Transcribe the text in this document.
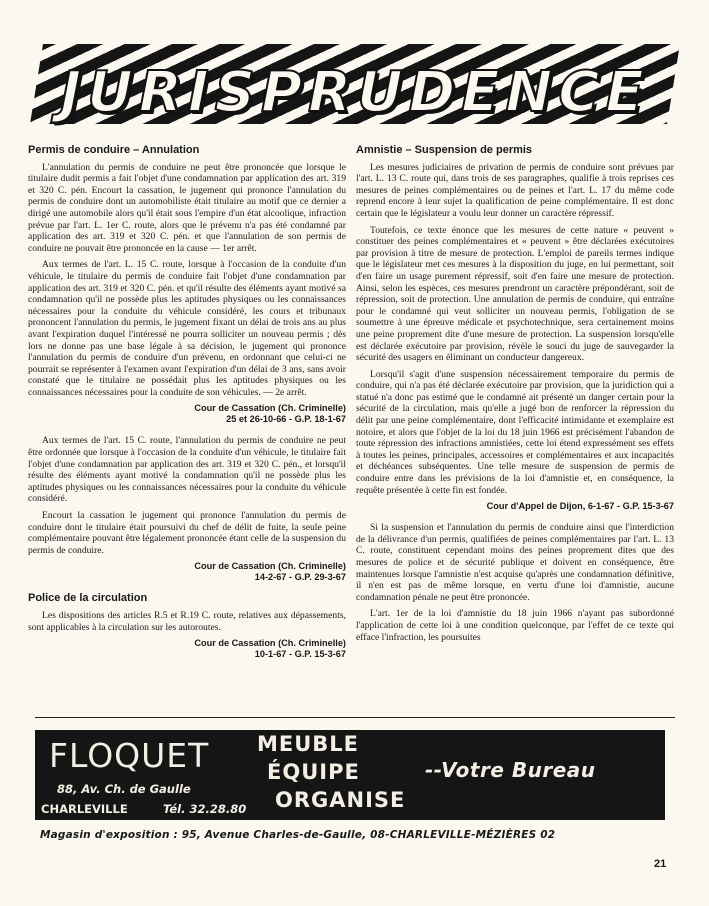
JURISPRUDENCE
Permis de conduire – Annulation

L'annulation du permis de conduire ne peut être prononcée que lorsque le titulaire dudit permis a fait l'objet d'une condamnation par application des art. 319 et 320 C. pén. Encourt la cassation, le jugement qui prononce l'annulation du permis de conduire dont un automobiliste était titulaire au motif que ce dernier a dirigé une automobile alors qu'il était sous l'empire d'un état alcoolique, infraction prévue par l'art. L. 1er C. route, alors que le prévenu n'a pas été condamné par application des art. 319 et 320 C. pén. et que l'annulation de son permis de conduire ne pouvait être prononcée en la cause — 1er arrêt.

Aux termes de l'art. L. 15 C. route, lorsque à l'occasion de la conduite d'un véhicule, le titulaire du permis de conduire fait l'objet d'une condamnation par application des art. 319 et 320 C. pén. et qu'il résulte des éléments ayant motivé sa condamnation qu'il ne possède plus les aptitudes physiques ou les connaissances nécessaires pour la conduite du véhicule considéré, les cours et tribunaux prononcent l'annulation du permis, le jugement fixant un délai de trois ans au plus avant l'expiration duquel l'intéressé ne pourra solliciter un nouveau permis ; dès lors ne donne pas une base légale à sa décision, le jugement qui prononce l'annulation du permis de conduire d'un prévenu, en ordonnant que celui-ci ne pourrait se représenter à l'examen avant l'expiration d'un délai de 3 ans, sans avoir constaté que le titulaire ne possédait plus les aptitudes physiques ou les connaissances nécessaires pour la conduite de son véhicules. — 2e arrêt.

Cour de Cassation (Ch. Criminelle)
25 et 26-10-66 - G.P. 18-1-67

Aux termes de l'art. 15 C. route, l'annulation du permis de conduire ne peut être ordonnée que lorsque à l'occasion de la conduite d'un véhicule, le titulaire fait l'objet d'une condamnation par application des art. 319 et 320 C. pén., et lorsqu'il résulte des éléments ayant motivé la condamnation qu'il ne possède plus les aptitudes physiques ou les connaissances nécessaires pour la conduite du véhicule considéré.

Encourt la cassation le jugement qui prononce l'annulation du permis de conduire dont le titulaire était poursuivi du chef de délit de fuite, la seule peine complémentaire pouvant être légalement prononcée étant celle de la suspension du permis de conduire.

Cour de Cassation (Ch. Criminelle)
14-2-67 - G.P. 29-3-67
Police de la circulation

Les dispositions des articles R.5 et R.19 C. route, relatives aux dépassements, sont applicables à la circulation sur les autoroutes.

Cour de Cassation (Ch. Criminelle)
10-1-67 - G.P. 15-3-67
Amnistie – Suspension de permis

Les mesures judiciaires de privation de permis de conduire sont prévues par l'art. L. 13 C. route qui, dans trois de ses paragraphes, qualifie à trois reprises ces mesures de peines complémentaires ou de peines et l'art. L. 17 du même code reprend encore à leur sujet la qualification de peine complémentaire. Il est donc certain que le législateur a voulu leur donner un caractère répressif.

Toutefois, ce texte énonce que les mesures de cette nature « peuvent » constituer des peines complémentaires et « peuvent » être déclarées exécutoires par provision à titre de mesure de protection. L'emploi de pareils termes indique que le législateur met ces mesures à la disposition du juge, en lui permettant, soit d'en faire un usage purement répressif, soit d'en faire une mesure de protection. Ainsi, selon les espèces, ces mesures prendront un caractère prépondérant, soit de répression, soit de protection. Une annulation de permis de conduire, qui entraîne pour le condamné qui veut solliciter un nouveau permis, l'obligation de se soumettre à une épreuve médicale et psychotechnique, sera certainement moins une peine proprement dite d'une mesure de protection. La suspension lorsqu'elle est déclarée exécutoire par provision, révèle le souci du juge de sauvegarder la sécurité des usagers en éliminant un conducteur dangereux.

Lorsqu'il s'agit d'une suspension nécessairement temporaire du permis de conduire, qui n'a pas été déclarée exécutoire par provision, que la juridiction qui a statué n'a donc pas estimé que le condamné ait présenté un danger certain pour la sécurité de la circulation, mais qu'elle a jugé bon de renforcer la répression du délit par une peine complémentaire, dont l'efficacité intimidante et exemplaire est notoire, et alors que l'objet de la loi du 18 juin 1966 est précisément l'abandon de toute répression des infractions amnistiées, cette loi étend expressément ses effets à toutes les peines, principales, accessoires et complémentaires et aux incapacités et déchéances subséquentes. Une telle mesure de suspension de permis de conduire entre dans les prévisions de la loi d'amnistie et, en conséquence, la requête présentée à cette fin est fondée.

Cour d'Appel de Dijon, 6-1-67 - G.P. 15-3-67

Si la suspension et l'annulation du permis de conduire ainsi que l'interdiction de la délivrance d'un permis, qualifiées de peines complémentaires par l'art. L. 13 C. route, constituent cependant moins des peines proprement dites que des mesures de police et de sécurité publique et doivent en conséquence, être maintenues lorsque l'amnistie n'est acquise qu'après une condamnation définitive, il n'en est pas de même lorsque, en vertu d'une loi d'amnistie, aucune condamnation pénale ne peut être prononcée.

L'art. 1er de la loi d'amnistie du 18 juin 1966 n'ayant pas subordonné l'application de cette loi à une condition quelconque, par l'effet de ce texte qui efface l'infraction, les poursuites

FLOQUET
88, Av. Ch. de Gaulle
CHARLEVILLE	Tél. 32.28.80
MEUBLE
ÉQUIPE
ORGANISE
--Votre Bureau
Magasin d'exposition : 95, Avenue Charles-de-Gaulle, 08-CHARLEVILLE-MÉZIÈRES 02
21
